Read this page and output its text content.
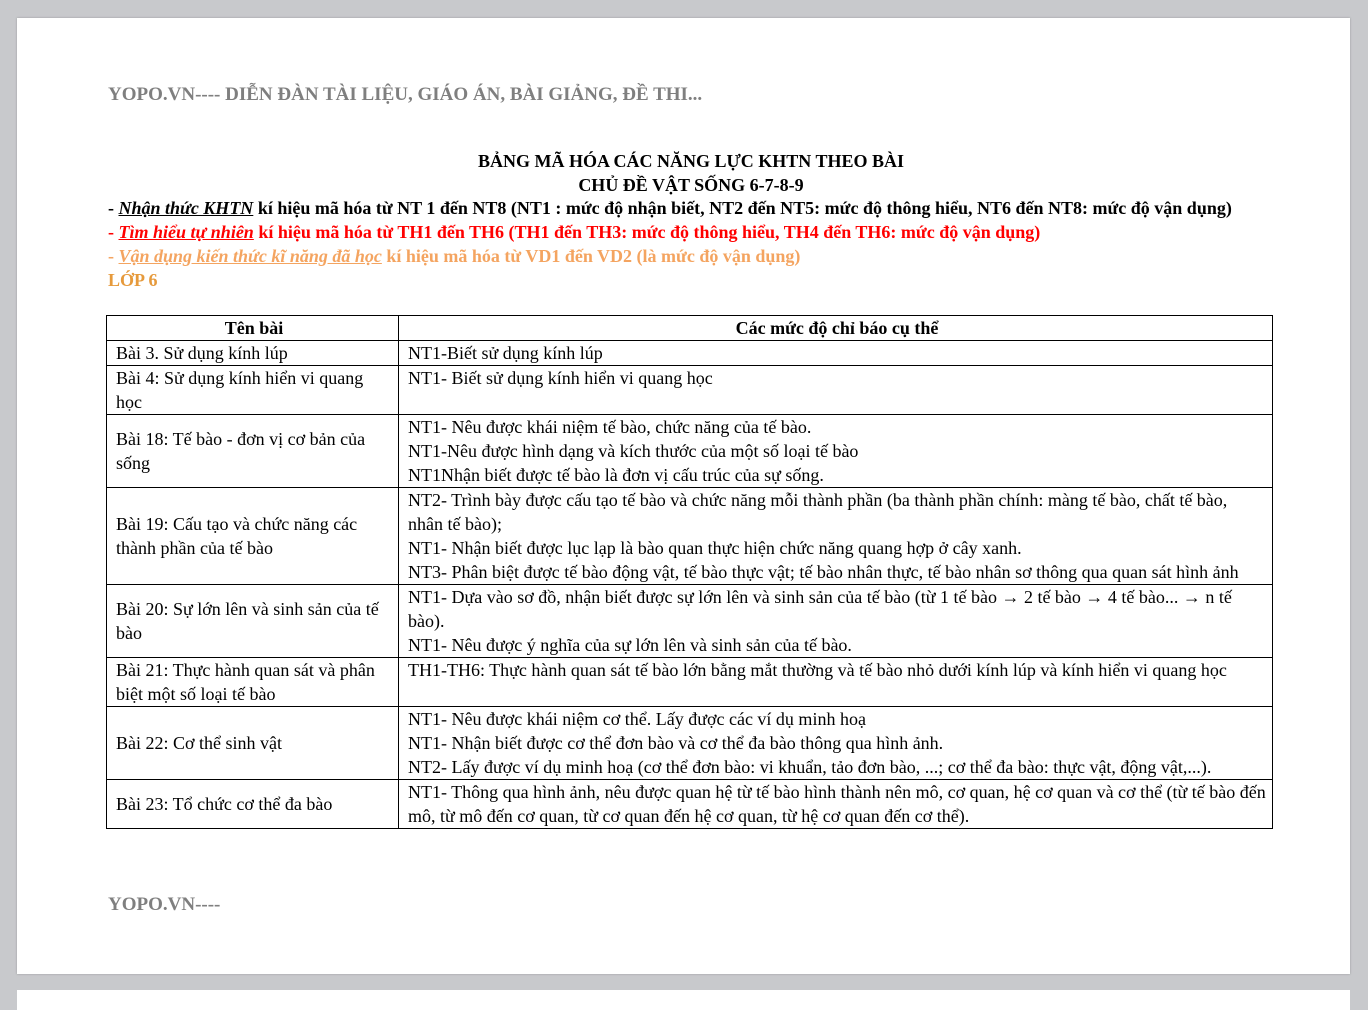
YOPO.VN---- DIỄN ĐÀN TÀI LIỆU, GIÁO ÁN, BÀI GIẢNG, ĐỀ THI...
BẢNG MÃ HÓA CÁC NĂNG LỰC KHTN THEO BÀI
CHỦ ĐỀ VẬT SỐNG 6-7-8-9

- Nhận thức KHTN kí hiệu mã hóa từ NT 1 đến NT8 (NT1 : mức độ nhận biết, NT2 đến NT5: mức độ thông hiểu, NT6 đến NT8: mức độ vận dụng)

- Tìm hiểu tự nhiên kí hiệu mã hóa từ TH1 đến TH6 (TH1 đến TH3: mức độ thông hiểu, TH4 đến TH6: mức độ vận dụng)

- Vận dụng kiến thức kĩ năng đã học kí hiệu mã hóa từ VD1 đến VD2 (là mức độ vận dụng)

LỚP 6

Tên bài	Các mức độ chỉ báo cụ thể
Bài 3. Sử dụng kính lúp	NT1-Biết sử dụng kính lúp

Bài 4: Sử dụng kính hiển vi quang học	NT1- Biết sử dụng kính hiển vi quang học

Bài 18: Tế bào - đơn vị cơ bản của sống	NT1- Nêu được khái niệm tế bào, chức năng của tế bào.
NT1-Nêu được hình dạng và kích thước của một số loại tế bào
NT1Nhận biết được tế bào là đơn vị cấu trúc của sự sống.

Bài 19: Cấu tạo và chức năng các thành phần của tế bào	NT2- Trình bày được cấu tạo tế bào và chức năng mỗi thành phần (ba thành phần chính: màng tế bào, chất tế bào, nhân tế bào);
NT1- Nhận biết được lục lạp là bào quan thực hiện chức năng quang hợp ở cây xanh.
NT3- Phân biệt được tế bào động vật, tế bào thực vật; tế bào nhân thực, tế bào nhân sơ thông qua quan sát hình ảnh

Bài 20: Sự lớn lên và sinh sản của tế bào	NT1- Dựa vào sơ đồ, nhận biết được sự lớn lên và sinh sản của tế bào (từ 1 tế bào → 2 tế bào → 4 tế bào... → n tế bào).
NT1- Nêu được ý nghĩa của sự lớn lên và sinh sản của tế bào.

Bài 21: Thực hành quan sát và phân biệt một số loại tế bào	TH1-TH6: Thực hành quan sát tế bào lớn bằng mắt thường và tế bào nhỏ dưới kính lúp và kính hiển vi quang học

Bài 22: Cơ thể sinh vật	NT1- Nêu được khái niệm cơ thể. Lấy được các ví dụ minh hoạ
NT1- Nhận biết được cơ thể đơn bào và cơ thể đa bào thông qua hình ảnh.
NT2- Lấy được ví dụ minh hoạ (cơ thể đơn bào: vi khuẩn, tảo đơn bào, ...; cơ thể đa bào: thực vật, động vật,...).

Bài 23: Tổ chức cơ thể đa bào	NT1- Thông qua hình ảnh, nêu được quan hệ từ tế bào hình thành nên mô, cơ quan, hệ cơ quan và cơ thể (từ tế bào đến mô, từ mô đến cơ quan, từ cơ quan đến hệ cơ quan, từ hệ cơ quan đến cơ thể).
YOPO.VN----
